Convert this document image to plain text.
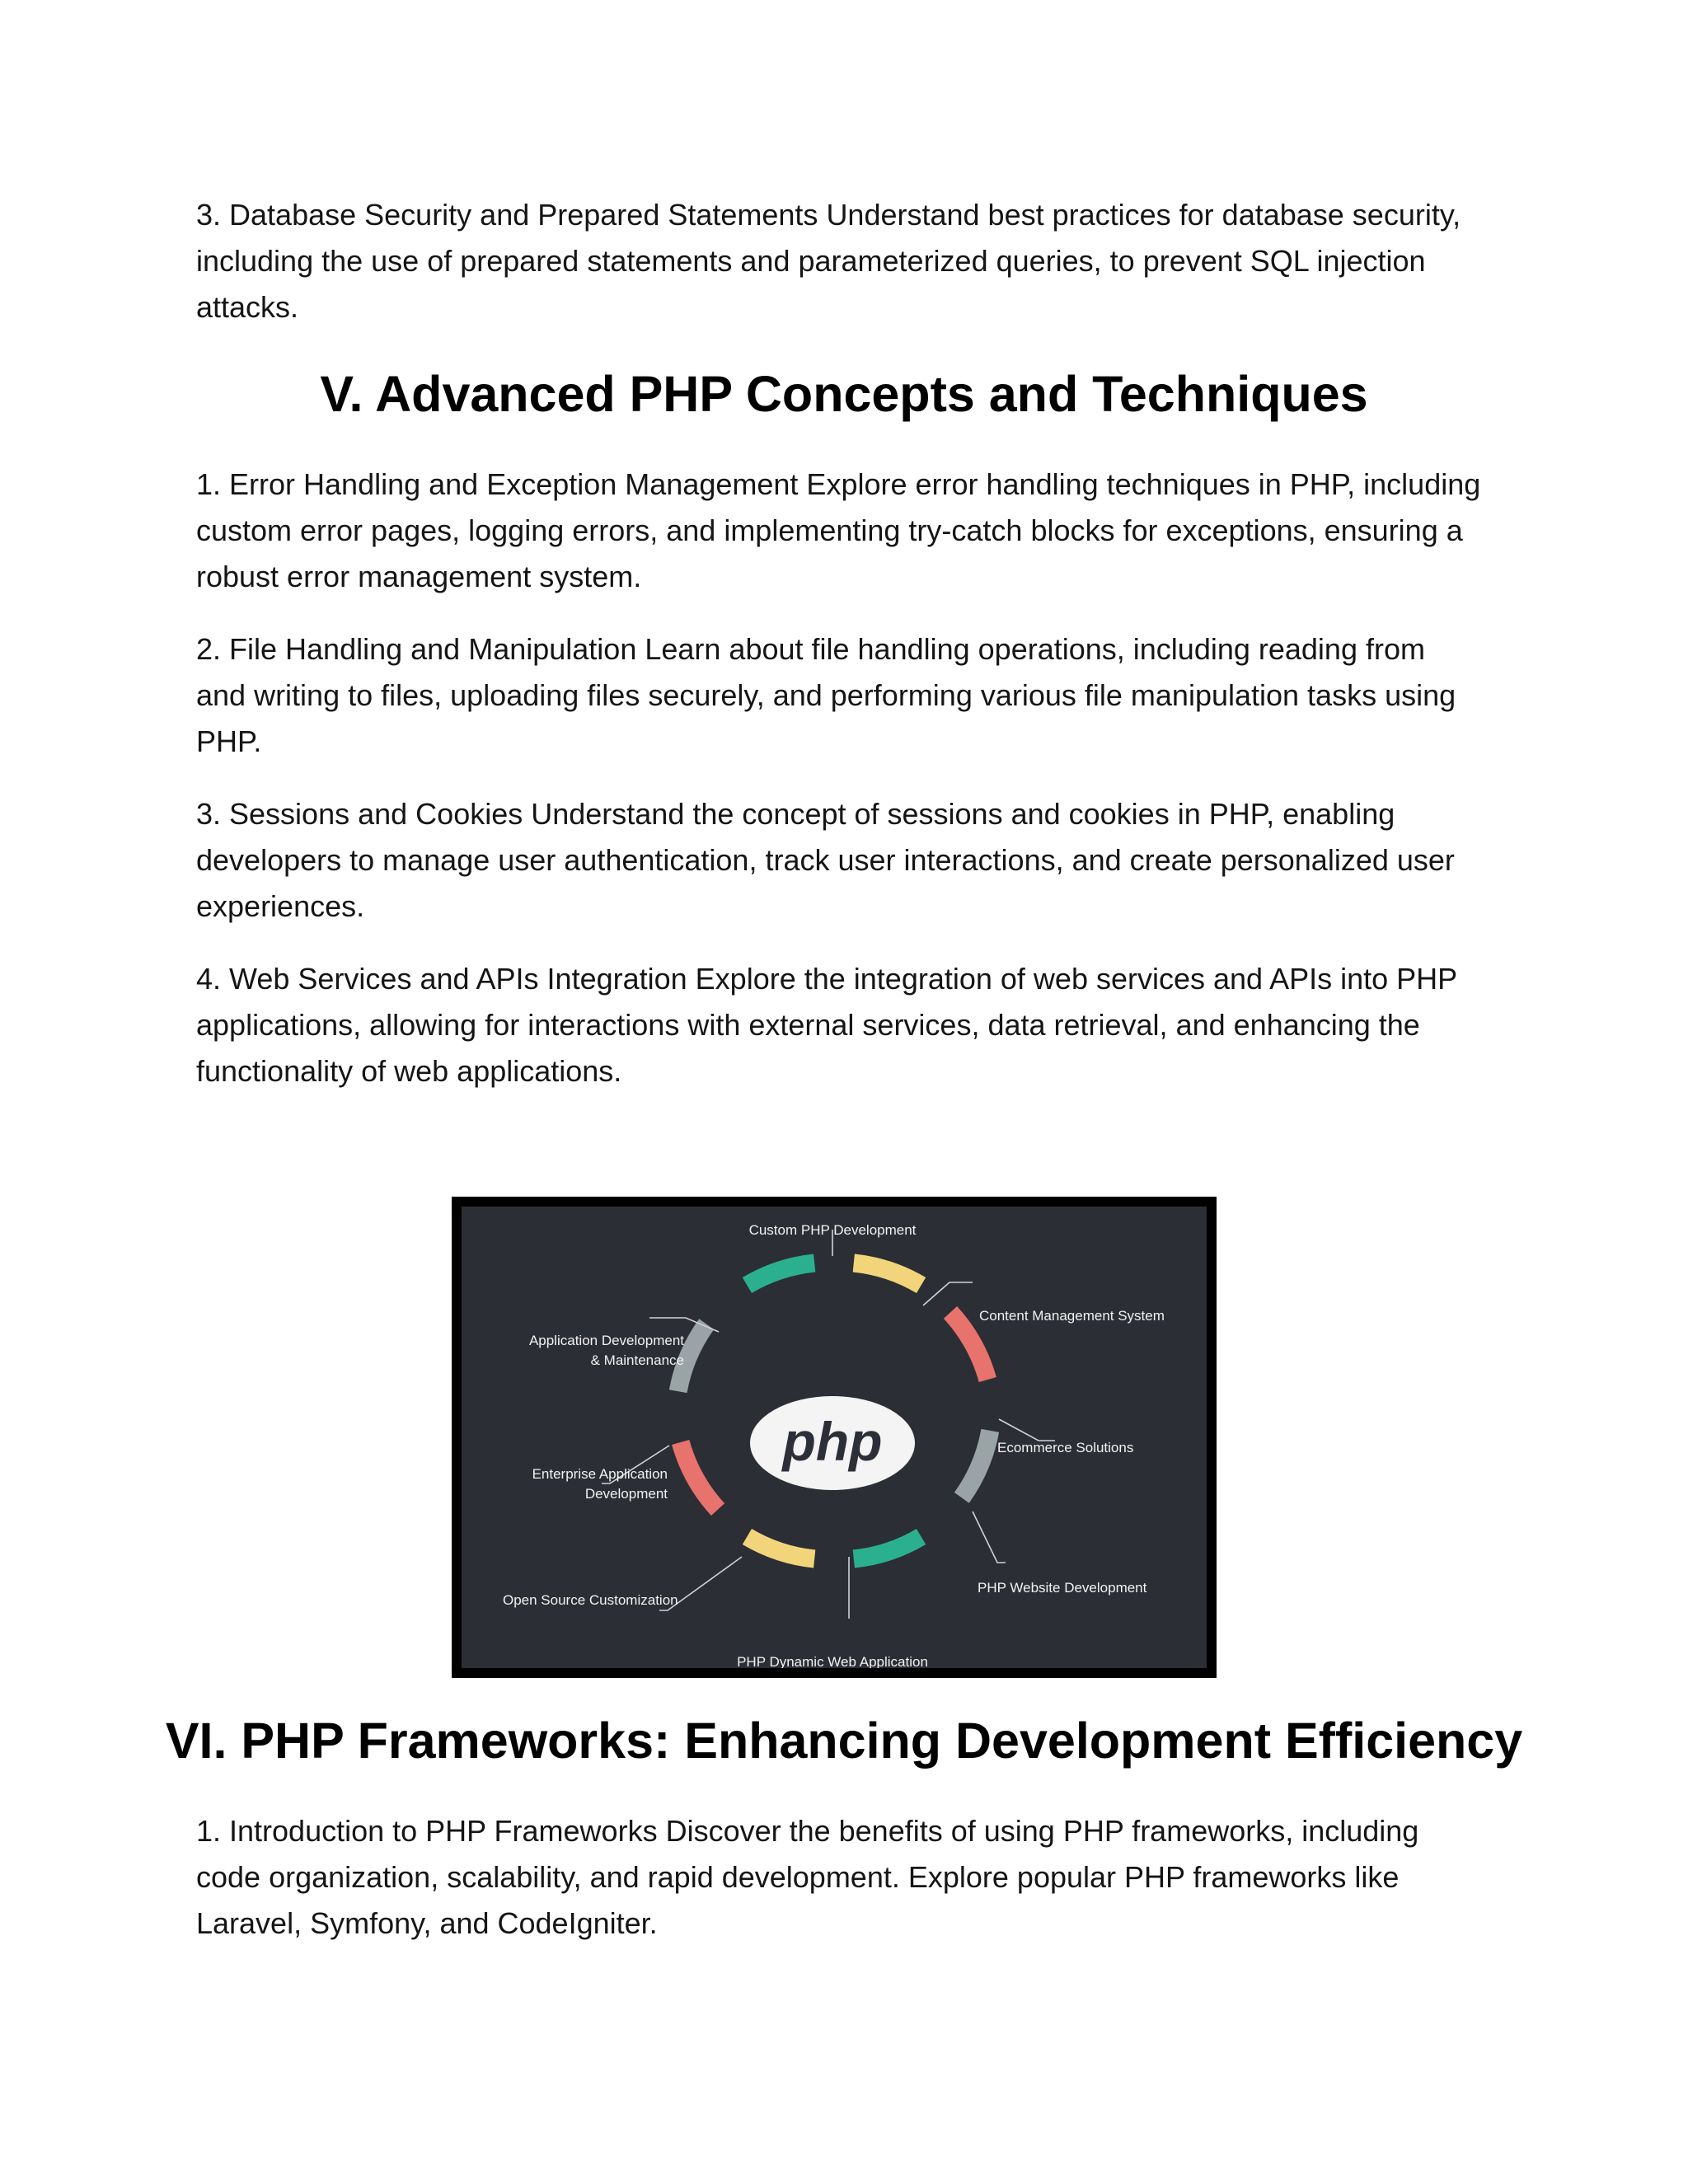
3. Database Security and Prepared Statements Understand best practices for database security, including the use of prepared statements and parameterized queries, to prevent SQL injection attacks.

V. Advanced PHP Concepts and Techniques

1. Error Handling and Exception Management Explore error handling techniques in PHP, including custom error pages, logging errors, and implementing try-catch blocks for exceptions, ensuring a robust error management system.

2. File Handling and Manipulation Learn about file handling operations, including reading from and writing to files, uploading files securely, and performing various file manipulation tasks using PHP.

3. Sessions and Cookies Understand the concept of sessions and cookies in PHP, enabling developers to manage user authentication, track user interactions, and create personalized user experiences.

4. Web Services and APIs Integration Explore the integration of web services and APIs into PHP applications, allowing for interactions with external services, data retrieval, and enhancing the functionality of web applications.

php
Custom PHP Development
Content Management System
Ecommerce Solutions
PHP Website Development
PHP Dynamic Web Application
Open Source Customization
Enterprise Application
Development
Application Development
& Maintenance
VI. PHP Frameworks: Enhancing Development Efficiency

1. Introduction to PHP Frameworks Discover the benefits of using PHP frameworks, including code organization, scalability, and rapid development. Explore popular PHP frameworks like Laravel, Symfony, and CodeIgniter.
